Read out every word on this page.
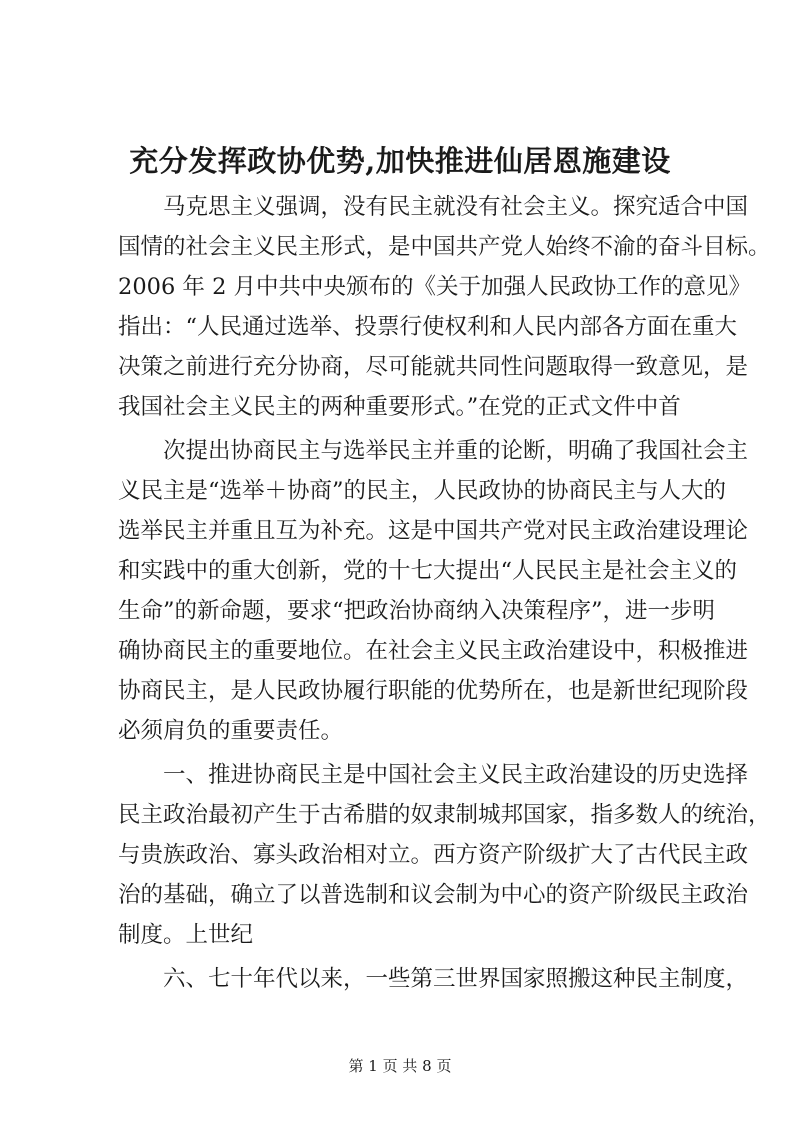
充分发挥政协优势,加快推进仙居恩施建设
马克思主义强调，没有民主就没有社会主义。探究适合中国
国情的社会主义民主形式，是中国共产党人始终不渝的奋斗目标。
2006 年 2 月中共中央颁布的《关于加强人民政协工作的意见》
指出：“人民通过选举、投票行使权利和人民内部各方面在重大
决策之前进行充分协商，尽可能就共同性问题取得一致意见，是
我国社会主义民主的两种重要形式。”在党的正式文件中首
次提出协商民主与选举民主并重的论断，明确了我国社会主
义民主是“选举＋协商”的民主，人民政协的协商民主与人大的
选举民主并重且互为补充。这是中国共产党对民主政治建设理论
和实践中的重大创新，党的十七大提出“人民民主是社会主义的
生命”的新命题，要求“把政治协商纳入决策程序”，进一步明
确协商民主的重要地位。在社会主义民主政治建设中，积极推进
协商民主，是人民政协履行职能的优势所在，也是新世纪现阶段
必须肩负的重要责任。
一、推进协商民主是中国社会主义民主政治建设的历史选择
民主政治最初产生于古希腊的奴隶制城邦国家，指多数人的统治，
与贵族政治、寡头政治相对立。西方资产阶级扩大了古代民主政
治的基础，确立了以普选制和议会制为中心的资产阶级民主政治
制度。上世纪
六、七十年代以来，一些第三世界国家照搬这种民主制度，
第 1 页 共 8 页
